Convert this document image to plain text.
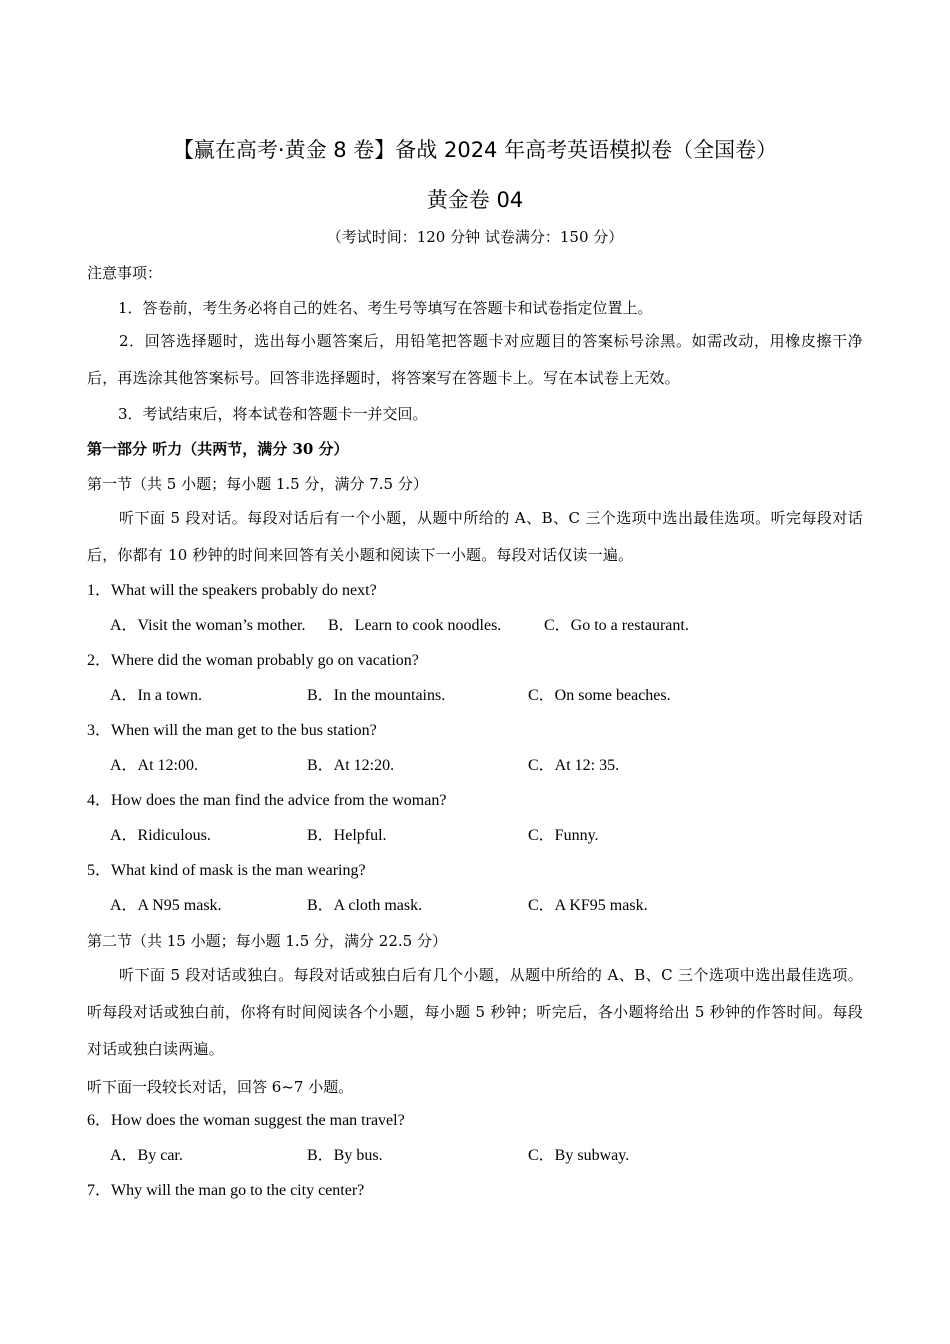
【赢在高考·黄金 8 卷】备战 2024 年高考英语模拟卷（全国卷）
黄金卷 04
（考试时间：120 分钟 试卷满分：150 分）
注意事项：
1．答卷前，考生务必将自己的姓名、考生号等填写在答题卡和试卷指定位置上。
2．回答选择题时，选出每小题答案后，用铅笔把答题卡对应题目的答案标号涂黑。如需改动，用橡皮擦干净后，再选涂其他答案标号。回答非选择题时，将答案写在答题卡上。写在本试卷上无效。
3．考试结束后，将本试卷和答题卡一并交回。
第一部分 听力（共两节，满分 30 分）
第一节（共 5 小题；每小题 1.5 分，满分 7.5 分）
听下面 5 段对话。每段对话后有一个小题，从题中所给的 A、B、C 三个选项中选出最佳选项。听完每段对话后，你都有 10 秒钟的时间来回答有关小题和阅读下一小题。每段对话仅读一遍。
1．What will the speakers probably do next?
A．Visit the woman’s mother. B．Learn to cook noodles.	C．Go to a restaurant.
2．Where did the woman probably go on vacation?
A．In a town.	B．In the mountains.	C．On some beaches.
3．When will the man get to the bus station?
A．At 12:00.	B．At 12:20.	C．At 12: 35.
4．How does the man find the advice from the woman?
A．Ridiculous.	B．Helpful.	C．Funny.
5．What kind of mask is the man wearing?
A．A N95 mask.	B．A cloth mask.	C．A KF95 mask.
第二节（共 15 小题；每小题 1.5 分，满分 22.5 分）
听下面 5 段对话或独白。每段对话或独白后有几个小题，从题中所给的 A、B、C 三个选项中选出最佳选项。听每段对话或独白前，你将有时间阅读各个小题，每小题 5 秒钟；听完后，各小题将给出 5 秒钟的作答时间。每段对话或独白读两遍。
听下面一段较长对话，回答 6~7 小题。
6．How does the woman suggest the man travel?
A．By car.	B．By bus.	C．By subway.
7．Why will the man go to the city center?
